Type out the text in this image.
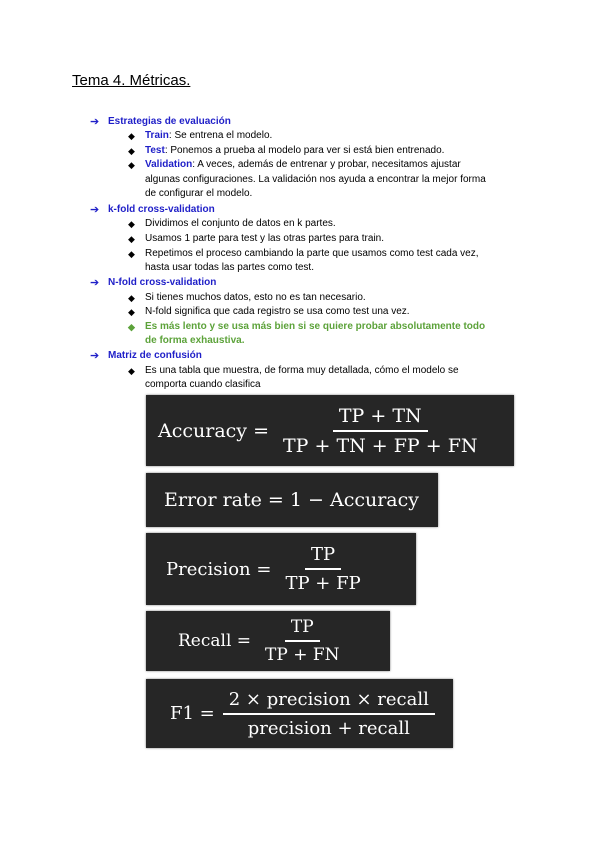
Tema 4. Métricas.
➔ Estrategias de evaluación
◆ Train: Se entrena el modelo.
◆ Test: Ponemos a prueba al modelo para ver si está bien entrenado.
◆ Validation: A veces, además de entrenar y probar, necesitamos ajustar
algunas configuraciones. La validación nos ayuda a encontrar la mejor forma
de configurar el modelo.
➔ k-fold cross-validation
◆ Dividimos el conjunto de datos en k partes.
◆ Usamos 1 parte para test y las otras partes para train.
◆ Repetimos el proceso cambiando la parte que usamos como test cada vez,
hasta usar todas las partes como test.
➔ N-fold cross-validation
◆ Si tienes muchos datos, esto no es tan necesario.
◆ N-fold significa que cada registro se usa como test una vez.
◆ Es más lento y se usa más bien si se quiere probar absolutamente todo
de forma exhaustiva.
➔ Matriz de confusión
◆ Es una tabla que muestra, de forma muy detallada, cómo el modelo se
comporta cuando clasifica
Accuracy = $\frac{TP + TN}{TP + TN + FP + FN}$
Error rate = 1 − Accuracy
Precision = $\frac{TP}{TP + FP}$
Recall = $\frac{TP}{TP + FN}$
$F1 = \frac{\text{2 × precision × recall}}{\text{precision + recall}}$
